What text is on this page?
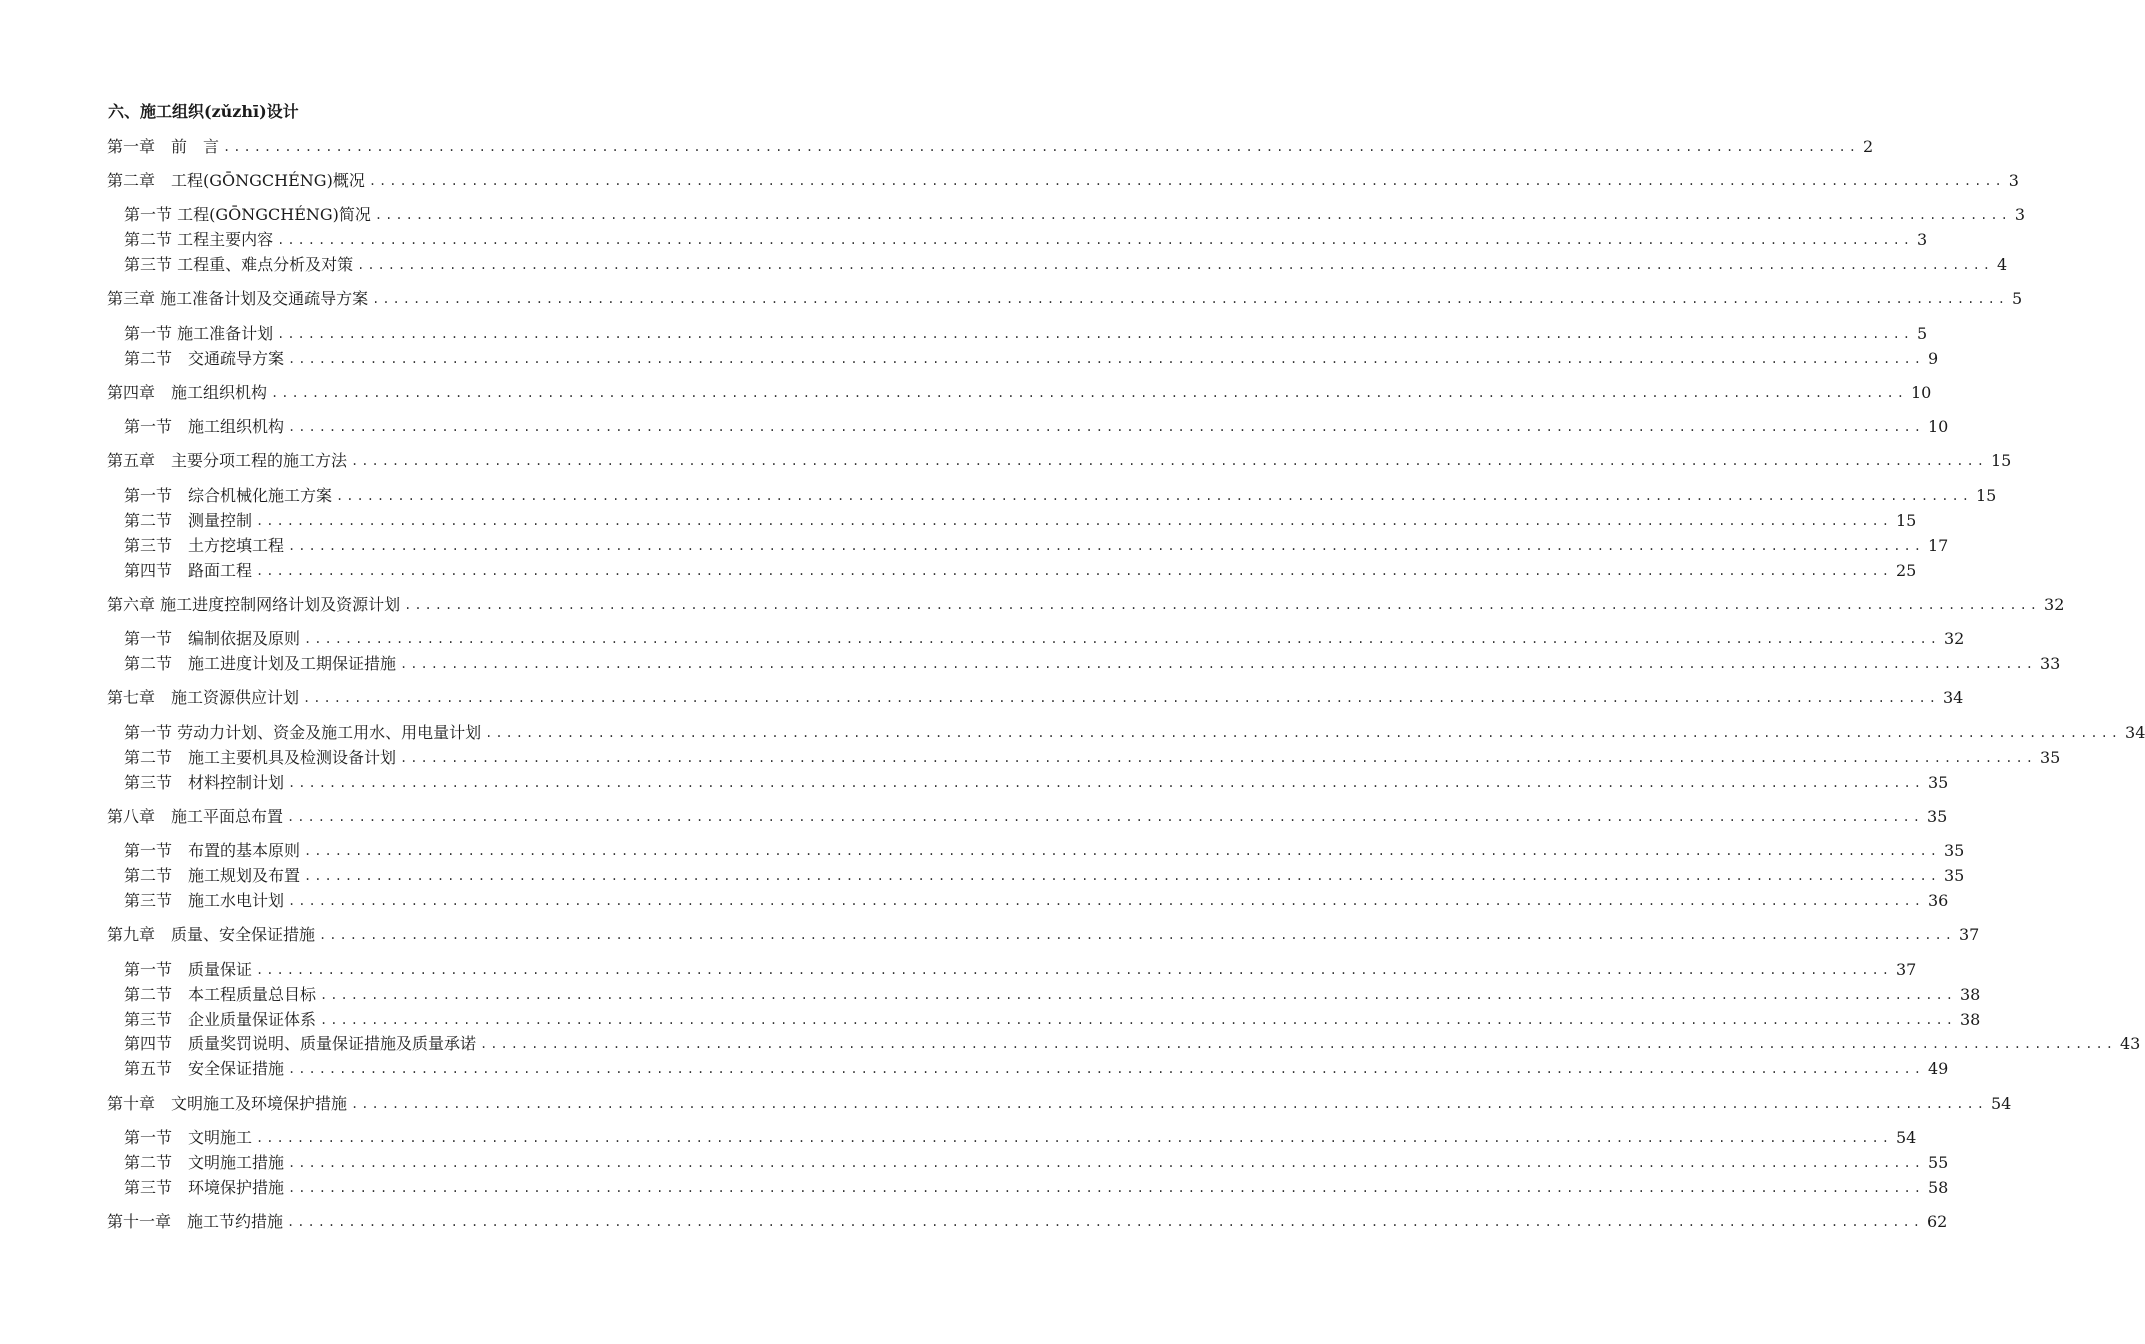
六、施工组织(zǔzhī)设计
第一章　前　言 ................................................................................................................................................................ 2
第二章　工程(GŌNGCHÉNG)概况 ................................................................................................................................................................ 3
第一节 工程(GŌNGCHÉNG)简况 ................................................................................................................................................................ 3
第二节 工程主要内容 ................................................................................................................................................................ 3
第三节 工程重、难点分析及对策 ................................................................................................................................................................ 4
第三章 施工准备计划及交通疏导方案 ................................................................................................................................................................ 5
第一节 施工准备计划 ................................................................................................................................................................ 5
第二节　交通疏导方案 ................................................................................................................................................................ 9
第四章　施工组织机构 ................................................................................................................................................................ 10
第一节　施工组织机构 ................................................................................................................................................................ 10
第五章　主要分项工程的施工方法 ................................................................................................................................................................ 15
第一节　综合机械化施工方案 ................................................................................................................................................................ 15
第二节　测量控制 ................................................................................................................................................................ 15
第三节　土方挖填工程 ................................................................................................................................................................ 17
第四节　路面工程 ................................................................................................................................................................ 25
第六章 施工进度控制网络计划及资源计划 ................................................................................................................................................................ 32
第一节　编制依据及原则 ................................................................................................................................................................ 32
第二节　施工进度计划及工期保证措施 ................................................................................................................................................................ 33
第七章　施工资源供应计划 ................................................................................................................................................................ 34
第一节 劳动力计划、资金及施工用水、用电量计划 ................................................................................................................................................................ 34
第二节　施工主要机具及检测设备计划 ................................................................................................................................................................ 35
第三节　材料控制计划 ................................................................................................................................................................ 35
第八章　施工平面总布置 ................................................................................................................................................................ 35
第一节　布置的基本原则 ................................................................................................................................................................ 35
第二节　施工规划及布置 ................................................................................................................................................................ 35
第三节　施工水电计划 ................................................................................................................................................................ 36
第九章　质量、安全保证措施 ................................................................................................................................................................ 37
第一节　质量保证 ................................................................................................................................................................ 37
第二节　本工程质量总目标 ................................................................................................................................................................ 38
第三节　企业质量保证体系 ................................................................................................................................................................ 38
第四节　质量奖罚说明、质量保证措施及质量承诺 ................................................................................................................................................................ 43
第五节　安全保证措施 ................................................................................................................................................................ 49
第十章　文明施工及环境保护措施 ................................................................................................................................................................ 54
第一节　文明施工 ................................................................................................................................................................ 54
第二节　文明施工措施 ................................................................................................................................................................ 55
第三节　环境保护措施 ................................................................................................................................................................ 58
第十一章　施工节约措施 ................................................................................................................................................................ 62
